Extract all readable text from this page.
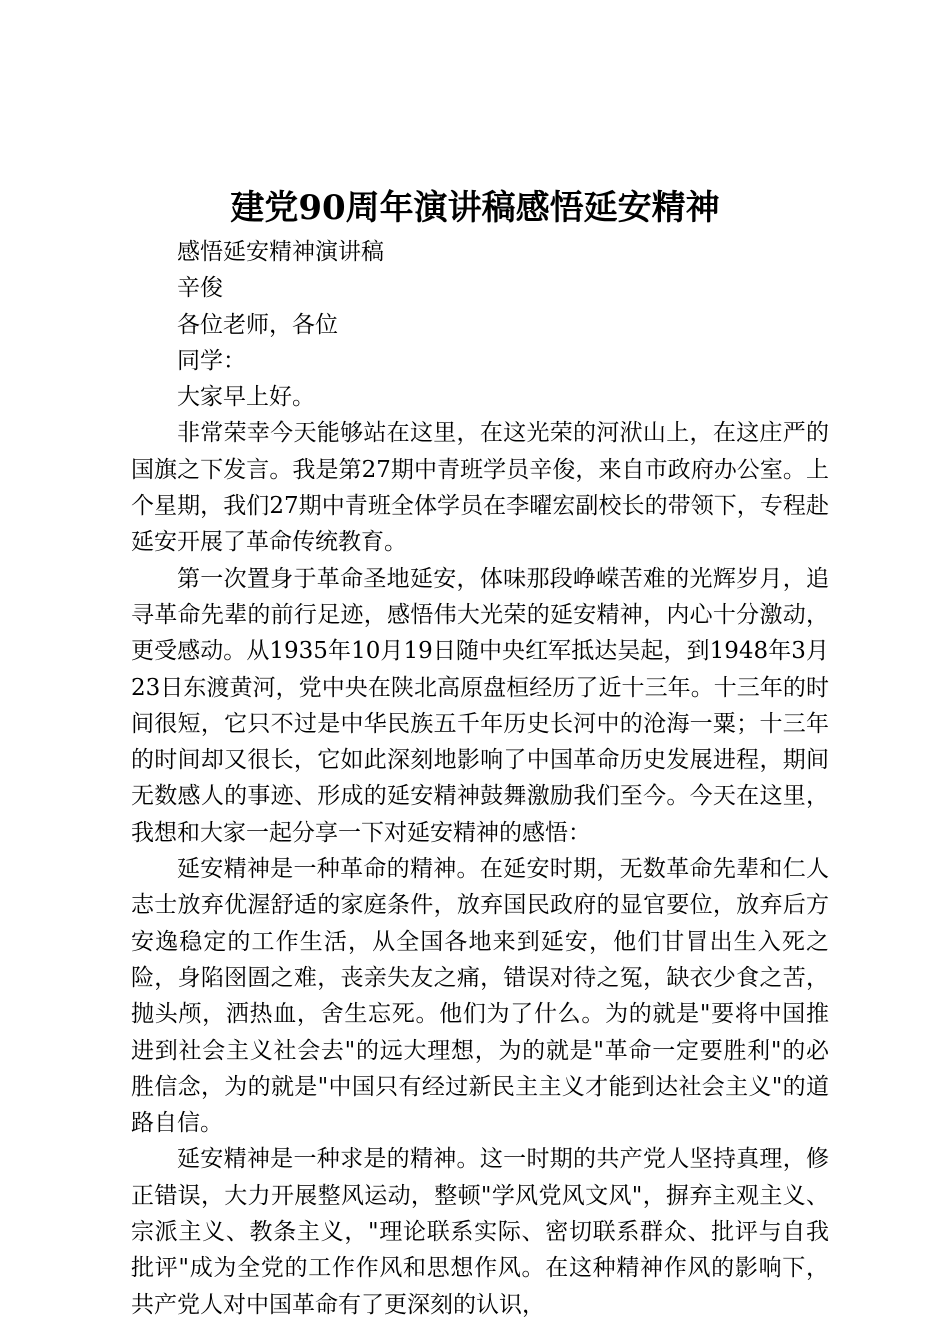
建党90周年演讲稿感悟延安精神

感悟延安精神演讲稿

辛俊

各位老师，各位

同学：

大家早上好。

非常荣幸今天能够站在这里，在这光荣的河洑山上，在这庄严的国旗之下发言。我是第27期中青班学员辛俊，来自市政府办公室。上个星期，我们27期中青班全体学员在李曜宏副校长的带领下，专程赴延安开展了革命传统教育。

第一次置身于革命圣地延安，体味那段峥嵘苦难的光辉岁月，追寻革命先辈的前行足迹，感悟伟大光荣的延安精神，内心十分激动，更受感动。从1935年10月19日随中央红军抵达吴起，到1948年3月23日东渡黄河，党中央在陕北高原盘桓经历了近十三年。十三年的时间很短，它只不过是中华民族五千年历史长河中的沧海一粟；十三年的时间却又很长，它如此深刻地影响了中国革命历史发展进程，期间无数感人的事迹、形成的延安精神鼓舞激励我们至今。今天在这里，我想和大家一起分享一下对延安精神的感悟：

延安精神是一种革命的精神。在延安时期，无数革命先辈和仁人志士放弃优渥舒适的家庭条件，放弃国民政府的显官要位，放弃后方安逸稳定的工作生活，从全国各地来到延安，他们甘冒出生入死之险，身陷囹圄之难，丧亲失友之痛，错误对待之冤，缺衣少食之苦，抛头颅，洒热血，舍生忘死。他们为了什么。为的就是"要将中国推进到社会主义社会去"的远大理想，为的就是"革命一定要胜利"的必胜信念，为的就是"中国只有经过新民主主义才能到达社会主义"的道路自信。

延安精神是一种求是的精神。这一时期的共产党人坚持真理，修正错误，大力开展整风运动，整顿"学风党风文风"，摒弃主观主义、宗派主义、教条主义，"理论联系实际、密切联系群众、批评与自我批评"成为全党的工作作风和思想作风。在这种精神作风的影响下，共产党人对中国革命有了更深刻的认识，
